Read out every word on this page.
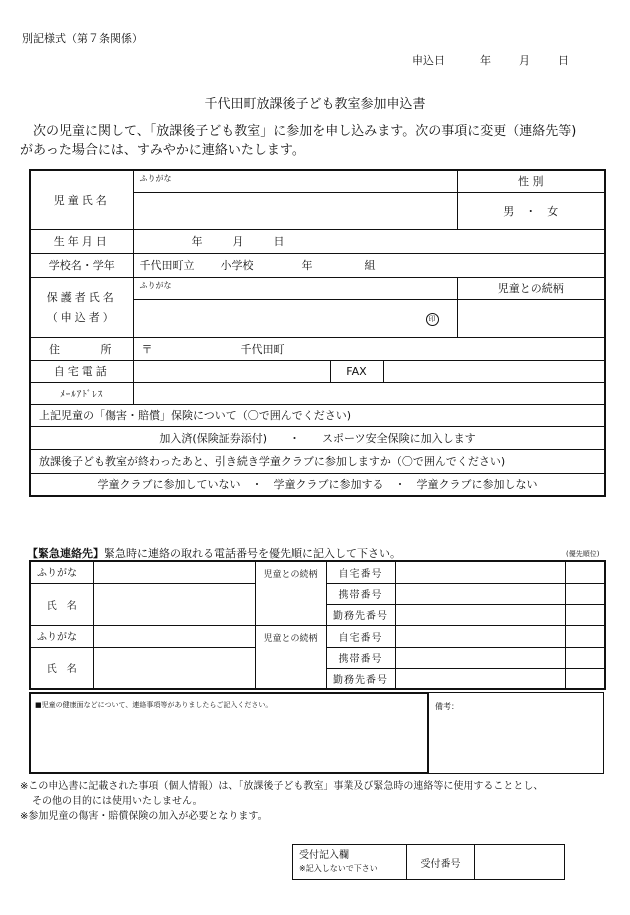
別記様式（第７条関係）
申込日	年	月	日
千代田町放課後子ども教室参加申込書
次の児童に関して、「放課後子ども教室」に参加を申し込みます。次の事項に変更（連絡先等)
があった場合には、すみやかに連絡いたします。
児童氏名	ふりがな			性 別
				男　・　女
生年月日	年 月 日			
学校名・学年	千代田町立 小学校 年 組			

保護者氏名
（申込者）	ふりがな			児童との続柄
	印			
住所	〒 千代田町			
自宅電話		FAX		
ﾒｰﾙｱﾄﾞﾚｽ				
上記児童の「傷害・賠償」保険について（〇で囲んでください)				
加入済(保険証券添付)　　・　　スポーツ安全保険に加入します				
放課後子ども教室が終わったあと、引き続き学童クラブに参加しますか（〇で囲んでください)				
学童クラブに参加していない　・　学童クラブに参加する　・　学童クラブに参加しない				
【緊急連絡先】緊急時に連絡の取れる電話番号を優先順に記入して下さい。	(優先順位)
ふりがな		児童との続柄	自宅番号		
氏　名			携帯番号		
			勤務先番号		
ふりがな		児童との続柄	自宅番号		
氏　名			携帯番号		
			勤務先番号		
■児童の健康面などについて、連絡事項等がありましたらご記入ください。	備考：
※この申込書に記載された事項（個人情報）は、「放課後子ども教室」事業及び緊急時の連絡等に使用することとし、
その他の目的には使用いたしません。
※参加児童の傷害・賠償保険の加入が必要となります。
受付記入欄
※記入しないで下さい	受付番号	
